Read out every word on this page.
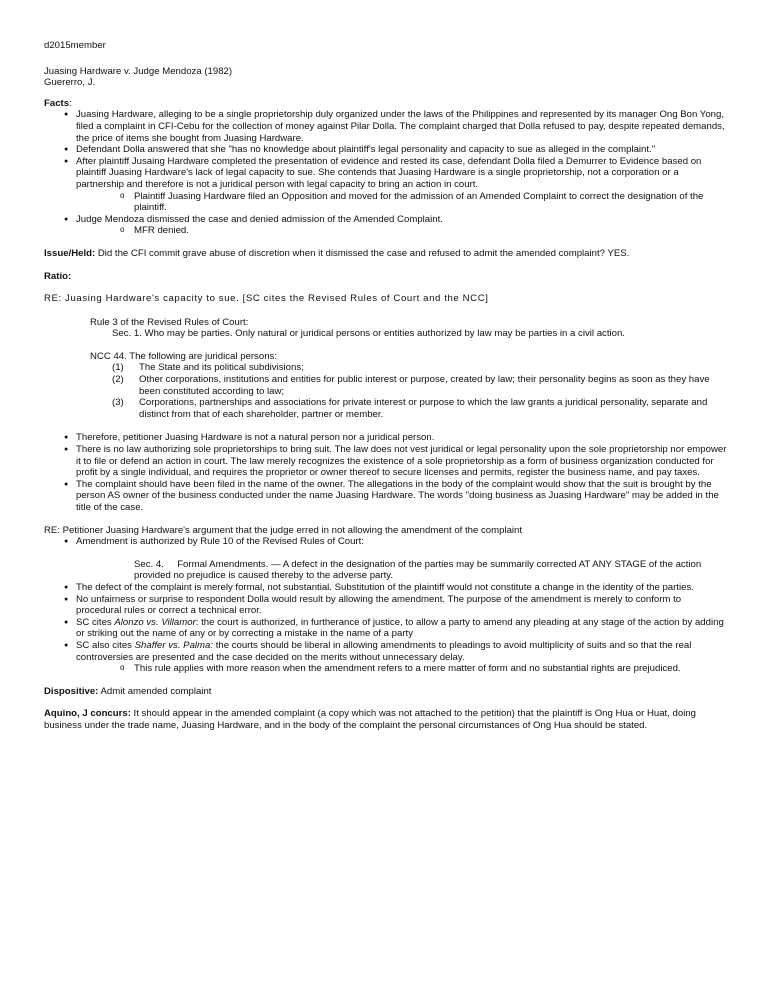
d2015member

Juasing Hardware v. Judge Mendoza (1982)

Guererro, J.

Facts:

● Juasing Hardware, alleging to be a single proprietorship duly organized under the laws of the Philippines and represented by its manager Ong Bon Yong, filed a complaint in CFI-Cebu for the collection of money against Pilar Dolla. The complaint charged that Dolla refused to pay, despite repeated demands, the price of items she bought from Juasing Hardware.
● Defendant Dolla answered that she "has no knowledge about plaintiff's legal personality and capacity to sue as alleged in the complaint."
● After plaintiff Jusaing Hardware completed the presentation of evidence and rested its case, defendant Dolla filed a Demurrer to Evidence based on plaintiff Juasing Hardware's lack of legal capacity to sue. She contends that Juasing Hardware is a single proprietorship, not a corporation or a partnership and therefore is not a juridical person with legal capacity to bring an action in court.
o Plaintiff Juasing Hardware filed an Opposition and moved for the admission of an Amended Complaint to correct the designation of the plaintiff.
● Judge Mendoza dismissed the case and denied admission of the Amended Complaint.
o MFR denied.

Issue/Held: Did the CFI commit grave abuse of discretion when it dismissed the case and refused to admit the amended complaint? YES.

Ratio:

RE: Juasing Hardware's capacity to sue. [SC cites the Revised Rules of Court and the NCC]

Rule 3 of the Revised Rules of Court:

Sec. 1. Who may be parties. Only natural or juridical persons or entities authorized by law may be parties in a civil action.

NCC 44. The following are juridical persons:

(1) The State and its political subdivisions;
(2) Other corporations, institutions and entities for public interest or purpose, created by law; their personality begins as soon as they have been constituted according to law;
(3) Corporations, partnerships and associations for private interest or purpose to which the law grants a juridical personality, separate and distinct from that of each shareholder, partner or member.
● Therefore, petitioner Juasing Hardware is not a natural person nor a juridical person.
● There is no law authorizing sole proprietorships to bring suit. The law does not vest juridical or legal personality upon the sole proprietorship nor empower it to file or defend an action in court. The law merely recognizes the existence of a sole proprietorship as a form of business organization conducted for profit by a single individual, and requires the proprietor or owner thereof to secure licenses and permits, register the business name, and pay taxes.
● The complaint should have been filed in the name of the owner. The allegations in the body of the complaint would show that the suit is brought by the person AS owner of the business conducted under the name Juasing Hardware. The words "doing business as Juasing Hardware" may be added in the title of the case.

RE: Petitioner Juasing Hardware's argument that the judge erred in not allowing the amendment of the complaint

● Amendment is authorized by Rule 10 of the Revised Rules of Court:

Sec. 4.     Formal Amendments. — A defect in the designation of the parties may be summarily corrected AT ANY STAGE of the action provided no prejudice is caused thereby to the adverse party.

● The defect of the complaint is merely formal, not substantial. Substitution of the plaintiff would not constitute a change in the identity of the parties.
● No unfairness or surprise to respondent Dolla would result by allowing the amendment. The purpose of the amendment is merely to conform to procedural rules or correct a technical error.
● SC cites Alonzo vs. Villamor: the court is authorized, in furtherance of justice, to allow a party to amend any pleading at any stage of the action by adding or striking out the name of any or by correcting a mistake in the name of a party
● SC also cites Shaffer vs. Palma: the courts should be liberal in allowing amendments to pleadings to avoid multiplicity of suits and so that the real controversies are presented and the case decided on the merits without unnecessary delay.
o This rule applies with more reason when the amendment refers to a mere matter of form and no substantial rights are prejudiced.

Dispositive: Admit amended complaint

Aquino, J concurs: It should appear in the amended complaint (a copy which was not attached to the petition) that the plaintiff is Ong Hua or Huat, doing business under the trade name, Juasing Hardware, and in the body of the complaint the personal circumstances of Ong Hua should be stated.
